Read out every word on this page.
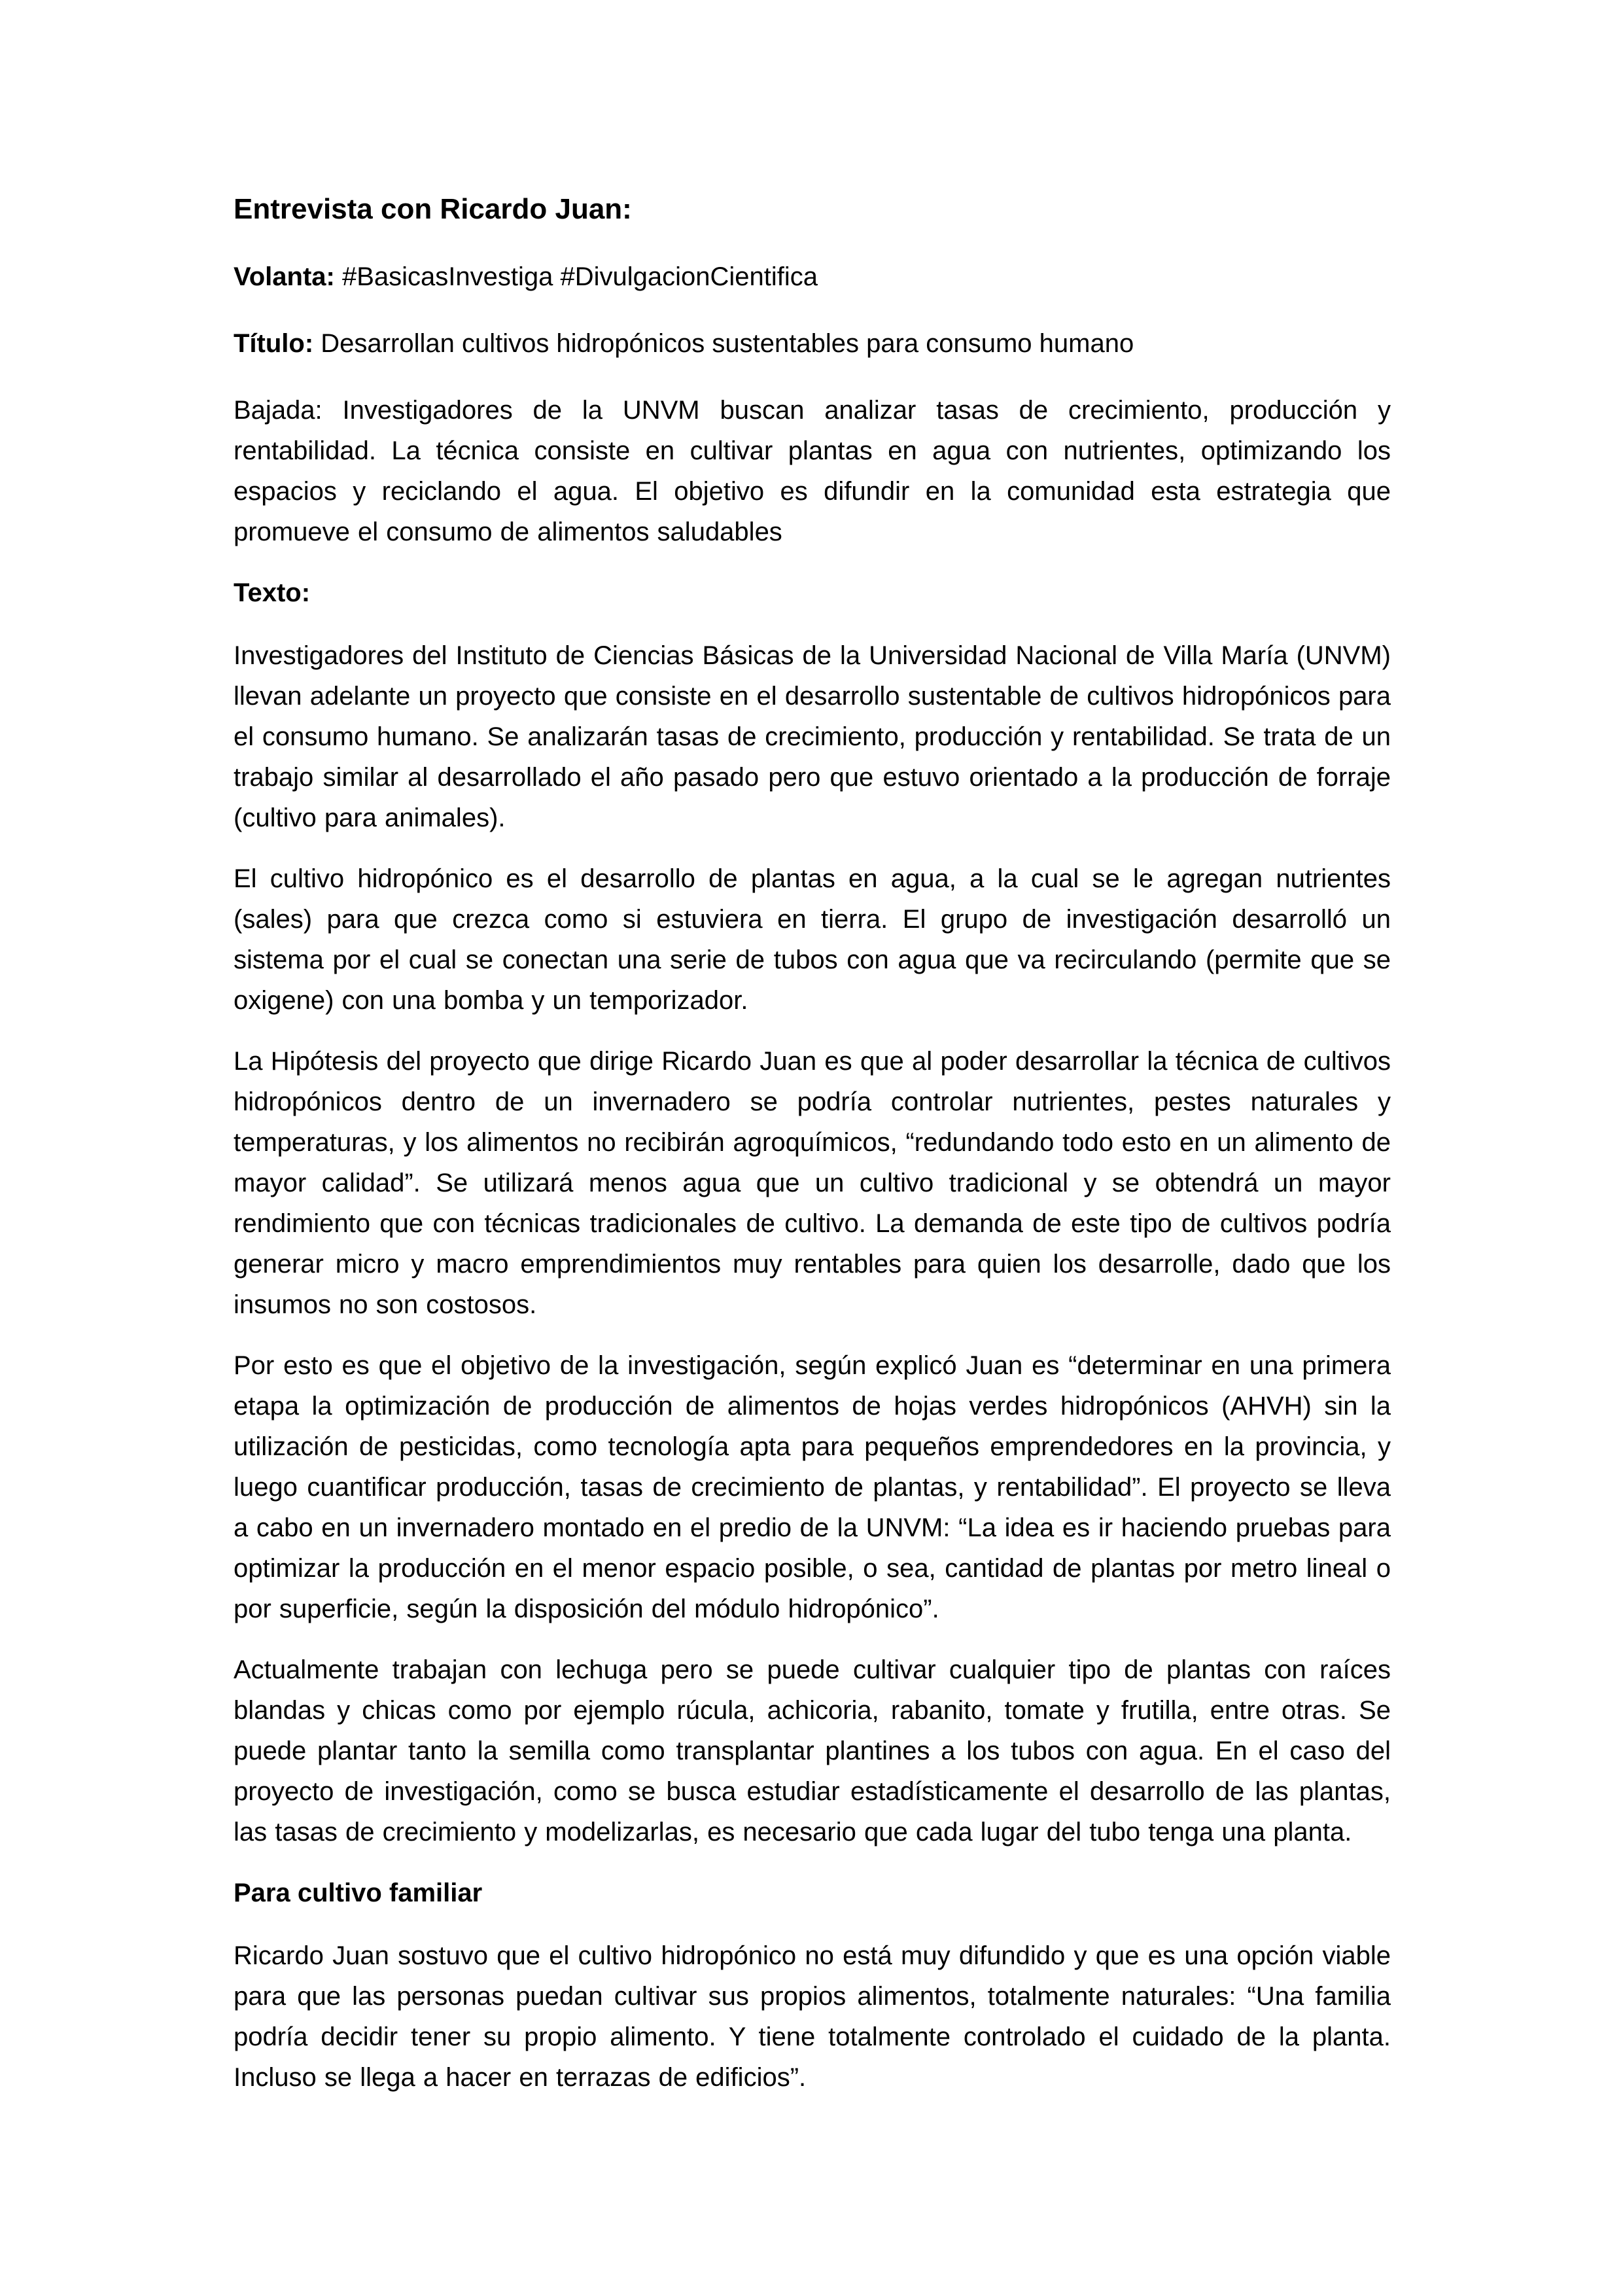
Entrevista con Ricardo Juan:

Volanta: #BasicasInvestiga #DivulgacionCientifica

Título: Desarrollan cultivos hidropónicos sustentables para consumo humano

Bajada: Investigadores de la UNVM buscan analizar tasas de crecimiento, producción y rentabilidad. La técnica consiste en cultivar plantas en agua con nutrientes, optimizando los espacios y reciclando el agua. El objetivo es difundir en la comunidad esta estrategia que promueve el consumo de alimentos saludables

Texto:

Investigadores del Instituto de Ciencias Básicas de la Universidad Nacional de Villa María (UNVM) llevan adelante un proyecto que consiste en el desarrollo sustentable de cultivos hidropónicos para el consumo humano. Se analizarán tasas de crecimiento, producción y rentabilidad. Se trata de un trabajo similar al desarrollado el año pasado pero que estuvo orientado a la producción de forraje (cultivo para animales).

El cultivo hidropónico es el desarrollo de plantas en agua, a la cual se le agregan nutrientes (sales) para que crezca como si estuviera en tierra. El grupo de investigación desarrolló un sistema por el cual se conectan una serie de tubos con agua que va recirculando (permite que se oxigene) con una bomba y un temporizador.

La Hipótesis del proyecto que dirige Ricardo Juan es que al poder desarrollar la técnica de cultivos hidropónicos dentro de un invernadero se podría controlar nutrientes, pestes naturales y temperaturas, y los alimentos no recibirán agroquímicos, “redundando todo esto en un alimento de mayor calidad”. Se utilizará menos agua que un cultivo tradicional y se obtendrá un mayor rendimiento que con técnicas tradicionales de cultivo. La demanda de este tipo de cultivos podría generar micro y macro emprendimientos muy rentables para quien los desarrolle, dado que los insumos no son costosos.

Por esto es que el objetivo de la investigación, según explicó Juan es “determinar en una primera etapa la optimización de producción de alimentos de hojas verdes hidropónicos (AHVH) sin la utilización de pesticidas, como tecnología apta para pequeños emprendedores en la provincia, y luego cuantificar producción, tasas de crecimiento de plantas, y rentabilidad”. El proyecto se lleva a cabo en un invernadero montado en el predio de la UNVM: “La idea es ir haciendo pruebas para optimizar la producción en el menor espacio posible, o sea, cantidad de plantas por metro lineal o por superficie, según la disposición del módulo hidropónico”.

Actualmente trabajan con lechuga pero se puede cultivar cualquier tipo de plantas con raíces blandas y chicas como por ejemplo rúcula, achicoria, rabanito, tomate y frutilla, entre otras. Se puede plantar tanto la semilla como transplantar plantines a los tubos con agua. En el caso del proyecto de investigación, como se busca estudiar estadísticamente el desarrollo de las plantas, las tasas de crecimiento y modelizarlas, es necesario que cada lugar del tubo tenga una planta.

Para cultivo familiar

Ricardo Juan sostuvo que el cultivo hidropónico no está muy difundido y que es una opción viable para que las personas puedan cultivar sus propios alimentos, totalmente naturales: “Una familia podría decidir tener su propio alimento. Y tiene totalmente controlado el cuidado de la planta. Incluso se llega a hacer en terrazas de edificios”.
